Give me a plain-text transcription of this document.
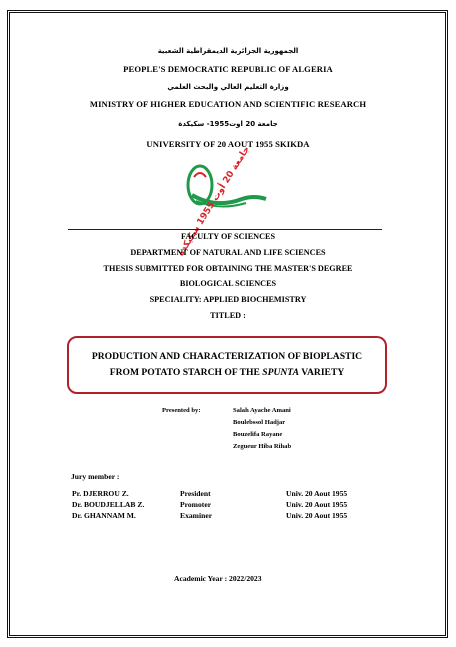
الجمهورية الجزائرية الديمقراطية الشعبية
PEOPLE'S DEMOCRATIC REPUBLIC OF ALGERIA
وزارة التعليم العالي والبحث العلمي
MINISTRY OF HIGHER EDUCATION AND SCIENTIFIC RESEARCH
جامعة 20 اوت1955- سكيكدة
UNIVERSITY OF 20 AOUT 1955 SKIKDA
جامعة 20 أوت 1955 سكيكدة
FACULTY OF SCIENCES
DEPARTMENT OF NATURAL AND LIFE SCIENCES
THESIS SUBMITTED FOR OBTAINING THE MASTER'S DEGREE
BIOLOGICAL SCIENCES
SPECIALITY: APPLIED BIOCHEMISTRY
TITLED :
PRODUCTION AND CHARACTERIZATION OF BIOPLASTIC
FROM POTATO STARCH OF THE SPUNTA VARIETY
Presented by:	Salah Ayache Amani
Boulebssol Hadjar
Bouzelifa Rayane
Zegueur Hiba Rihab
Jury member :
Pr. DJERROU Z.	President	Univ. 20 Aout 1955
Dr. BOUDJELLAB Z.	Promoter	Univ. 20 Aout 1955
Dr. GHANNAM M.	Examiner	Univ. 20 Aout 1955
Academic Year : 2022/2023
